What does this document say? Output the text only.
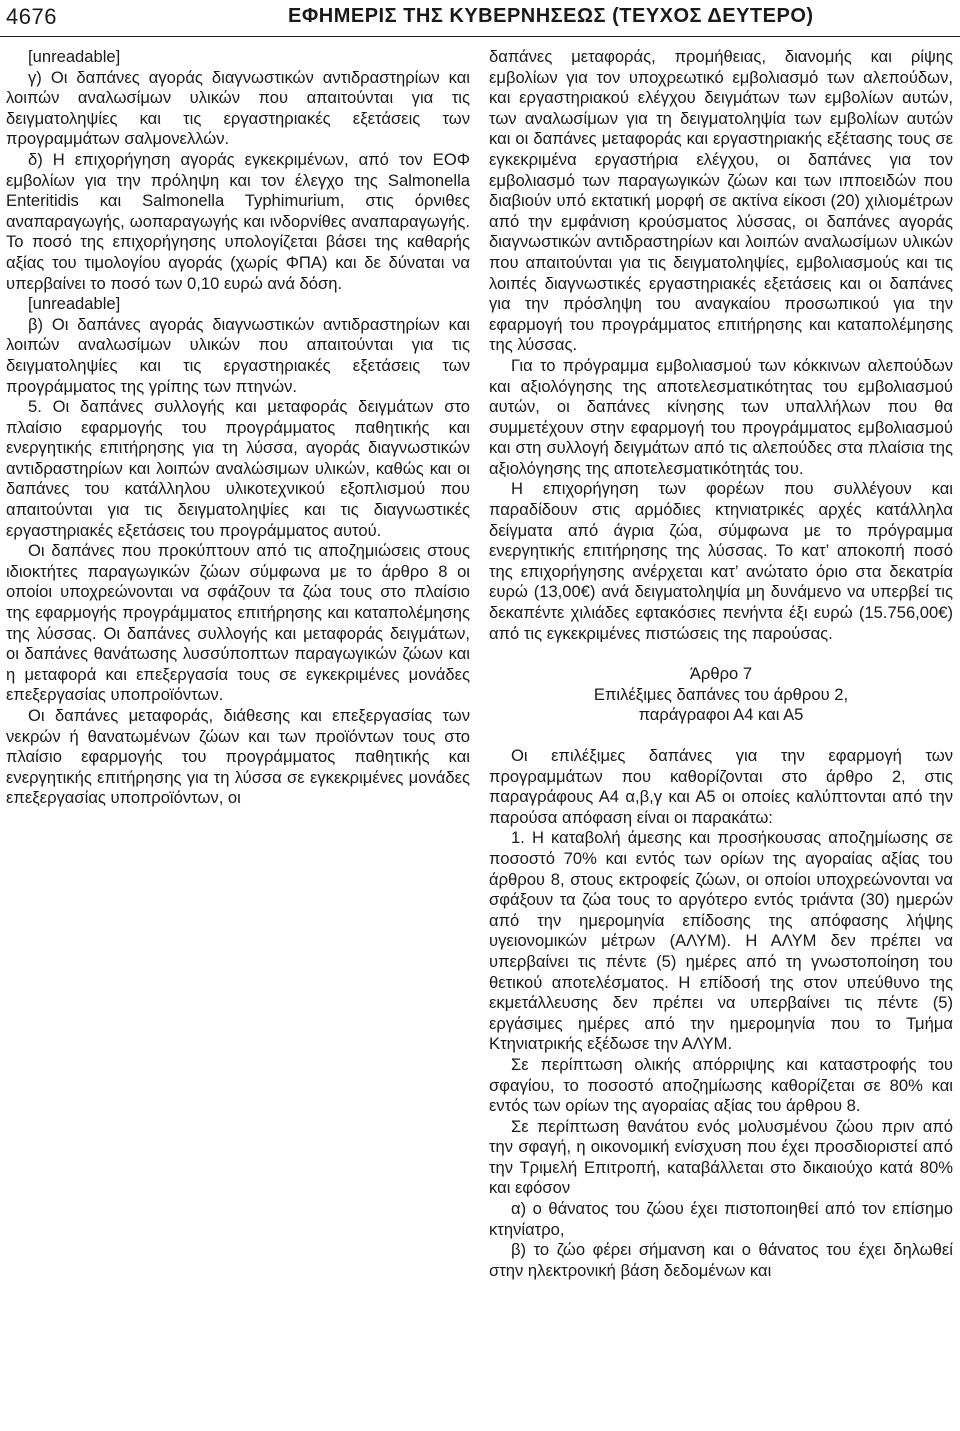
4676	ΕΦΗΜΕΡΙΣ ΤΗΣ ΚΥΒΕΡΝΗΣΕΩΣ (ΤΕΥΧΟΣ ΔΕΥΤΕΡΟ)

[unreadable]

γ) Οι δαπάνες αγοράς διαγνωστικών αντιδραστηρίων και λοιπών αναλωσίμων υλικών που απαιτούνται για τις δειγματοληψίες και τις εργαστηριακές εξετάσεις των προγραμμάτων σαλμονελλών.

δ) Η επιχορήγηση αγοράς εγκεκριμένων, από τον ΕΟΦ εμβολίων για την πρόληψη και τον έλεγχο της Salmonella Enteritidis και Salmonella Typhimurium, στις όρνιθες αναπαραγωγής, ωοπαραγωγής και ινδορνίθες αναπαραγωγής. Το ποσό της επιχορήγησης υπολογίζεται βάσει της καθαρής αξίας του τιμολογίου αγοράς (χωρίς ΦΠΑ) και δε δύναται να υπερβαίνει το ποσό των 0,10 ευρώ ανά δόση.

[unreadable]

β) Οι δαπάνες αγοράς διαγνωστικών αντιδραστηρίων και λοιπών αναλωσίμων υλικών που απαιτούνται για τις δειγματοληψίες και τις εργαστηριακές εξετάσεις των προγράμματος της γρίπης των πτηνών.

5. Οι δαπάνες συλλογής και μεταφοράς δειγμάτων στο πλαίσιο εφαρμογής του προγράμματος παθητικής και ενεργητικής επιτήρησης για τη λύσσα, αγοράς διαγνωστικών αντιδραστηρίων και λοιπών αναλώσιμων υλικών, καθώς και οι δαπάνες του κατάλληλου υλικοτεχνικού εξοπλισμού που απαιτούνται για τις δειγματοληψίες και τις διαγνωστικές εργαστηριακές εξετάσεις του προγράμματος αυτού.

Οι δαπάνες που προκύπτουν από τις αποζημιώσεις στους ιδιοκτήτες παραγωγικών ζώων σύμφωνα με το άρθρο 8 οι οποίοι υποχρεώνονται να σφάζουν τα ζώα τους στο πλαίσιο της εφαρμογής προγράμματος επιτήρησης και καταπολέμησης της λύσσας. Οι δαπάνες συλλογής και μεταφοράς δειγμάτων, οι δαπάνες θανάτωσης λυσσύποπτων παραγωγικών ζώων και η μεταφορά και επεξεργασία τους σε εγκεκριμένες μονάδες επεξεργασίας υποπροϊόντων.

Οι δαπάνες μεταφοράς, διάθεσης και επεξεργασίας των νεκρών ή θανατωμένων ζώων και των προϊόντων τους στο πλαίσιο εφαρμογής του προγράμματος παθητικής και ενεργητικής επιτήρησης για τη λύσσα σε εγκεκριμένες μονάδες επεξεργασίας υποπροϊόντων, οι

δαπάνες μεταφοράς, προμήθειας, διανομής και ρίψης εμβολίων για τον υποχρεωτικό εμβολιασμό των αλεπούδων, και εργαστηριακού ελέγχου δειγμάτων των εμβολίων αυτών, των αναλωσίμων για τη δειγματοληψία των εμβολίων αυτών και οι δαπάνες μεταφοράς και εργαστηριακής εξέτασης τους σε εγκεκριμένα εργαστήρια ελέγχου, οι δαπάνες για τον εμβολιασμό των παραγωγικών ζώων και των ιπποειδών που διαβιούν υπό εκτατική μορφή σε ακτίνα είκοσι (20) χιλιομέτρων από την εμφάνιση κρούσματος λύσσας, οι δαπάνες αγοράς διαγνωστικών αντιδραστηρίων και λοιπών αναλωσίμων υλικών που απαιτούνται για τις δειγματοληψίες, εμβολιασμούς και τις λοιπές διαγνωστικές εργαστηριακές εξετάσεις και οι δαπάνες για την πρόσληψη του αναγκαίου προσωπικού για την εφαρμογή του προγράμματος επιτήρησης και καταπολέμησης της λύσσας.

Για το πρόγραμμα εμβολιασμού των κόκκινων αλεπούδων και αξιολόγησης της αποτελεσματικότητας του εμβολιασμού αυτών, οι δαπάνες κίνησης των υπαλλήλων που θα συμμετέχουν στην εφαρμογή του προγράμματος εμβολιασμού και στη συλλογή δειγμάτων από τις αλεπούδες στα πλαίσια της αξιολόγησης της αποτελεσματικότητάς του.

Η επιχορήγηση των φορέων που συλλέγουν και παραδίδουν στις αρμόδιες κτηνιατρικές αρχές κατάλληλα δείγματα από άγρια ζώα, σύμφωνα με το πρόγραμμα ενεργητικής επιτήρησης της λύσσας. Το κατ’ αποκοπή ποσό της επιχορήγησης ανέρχεται κατ’ ανώτατο όριο στα δεκατρία ευρώ (13,00€) ανά δειγματοληψία μη δυνάμενο να υπερβεί τις δεκαπέντε χιλιάδες εφτακόσιες πενήντα έξι ευρώ (15.756,00€) από τις εγκεκριμένες πιστώσεις της παρούσας.

Άρθρο 7

Επιλέξιμες δαπάνες του άρθρου 2,

παράγραφοι Α4 και Α5

Οι επιλέξιμες δαπάνες για την εφαρμογή των προγραμμάτων που καθορίζονται στο άρθρο 2, στις παραγράφους Α4 α,β,γ και Α5 οι οποίες καλύπτονται από την παρούσα απόφαση είναι οι παρακάτω:

1. Η καταβολή άμεσης και προσήκουσας αποζημίωσης σε ποσοστό 70% και εντός των ορίων της αγοραίας αξίας του άρθρου 8, στους εκτροφείς ζώων, οι οποίοι υποχρεώνονται να σφάξουν τα ζώα τους το αργότερο εντός τριάντα (30) ημερών από την ημερομηνία επίδοσης της απόφασης λήψης υγειονομικών μέτρων (ΑΛΥΜ). Η ΑΛΥΜ δεν πρέπει να υπερβαίνει τις πέντε (5) ημέρες από τη γνωστοποίηση του θετικού αποτελέσματος. Η επίδοσή της στον υπεύθυνο της εκμετάλλευσης δεν πρέπει να υπερβαίνει τις πέντε (5) εργάσιμες ημέρες από την ημερομηνία που το Τμήμα Κτηνιατρικής εξέδωσε την ΑΛΥΜ.

Σε περίπτωση ολικής απόρριψης και καταστροφής του σφαγίου, το ποσοστό αποζημίωσης καθορίζεται σε 80% και εντός των ορίων της αγοραίας αξίας του άρθρου 8.

Σε περίπτωση θανάτου ενός μολυσμένου ζώου πριν από την σφαγή, η οικονομική ενίσχυση που έχει προσδιοριστεί από την Τριμελή Επιτροπή, καταβάλλεται στο δικαιούχο κατά 80% και εφόσον

α) ο θάνατος του ζώου έχει πιστοποιηθεί από τον επίσημο κτηνίατρο,

β) το ζώο φέρει σήμανση και ο θάνατος του έχει δηλωθεί στην ηλεκτρονική βάση δεδομένων και
